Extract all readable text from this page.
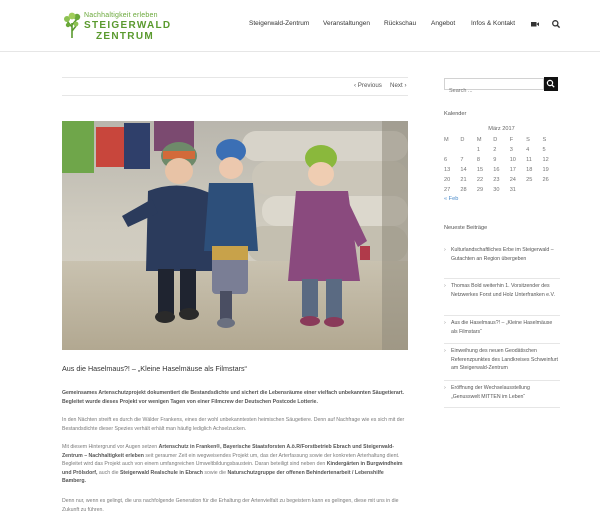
Nachhaltigkeit erleben
STEIGERWALD
ZENTRUM
Steigerwald-Zentrum Veranstaltungen Rückschau Angebot Infos & Kontakt
‹ Previous Next ›
Aus die Haselmaus?! – „Kleine Haselmäuse als Filmstars“

Gemeinsames Artenschutzprojekt dokumentiert die Bestandsdichte und sichert die Lebensräume einer vielfach unbekannten Säugetierart. Begleitet wurde dieses Projekt vor wenigen Tagen von einer Filmcrew der Deutschen Postcode Lotterie.

In den Nächten streift es durch die Wälder Frankens, eines der wohl unbekanntesten heimischen Säugetiere. Denn auf Nachfrage wie es sich mit der Bestandsdichte dieser Spezies verhält erhält man häufig lediglich Achselzucken.

Mit diesem Hintergrund vor Augen setzen Artenschutz in Franken®, Bayerische Staatsforsten A.ö.R/Forstbetrieb Ebrach und Steigerwald-Zentrum – Nachhaltigkeit erleben seit geraumer Zeit ein wegweisendes Projekt um, das der Arterfassung sowie der konkreten Arterhaltung dient. Begleitet wird das Projekt auch von einem umfangreichen Umweltbildungsbaustein. Daran beteiligt sind neben den Kindergärten in Burgwindheim und Prölsdorf, auch die Steigerwald Realschule in Ebrach sowie die Naturschutzgruppe der offenen Behindertenarbeit / Lebenshilfe Bamberg.

Denn nur, wenn es gelingt, die uns nachfolgende Generation für die Erhaltung der Artenvielfalt zu begeistern kann es gelingen, diese mit uns in die Zukunft zu führen.

Search ...
Kalender
März 2017
M	D	M	D	F	S	S
		1	2	3	4	5
6	7	8	9	10	11	12
13	14	15	16	17	18	19
20	21	22	23	24	25	26
27	28	29	30	31		
« Feb
Neueste Beiträge
› Kulturlandschaftliches Erbe im Steigerwald – Gutachten an Region übergeben
› Thomas Bold weiterhin 1. Vorsitzender des Netzwerkes Forst und Holz Unterfranken e.V.
› Aus die Haselmaus?! – „Kleine Haselmäuse als Filmstars“
› Einweihung des neuen Geodätischen Referenzpunktes des Landkreises Schweinfurt am Steigerwald-Zentrum
› Eröffnung der Wechselausstellung „Genusswelt MITTEN im Leben“
